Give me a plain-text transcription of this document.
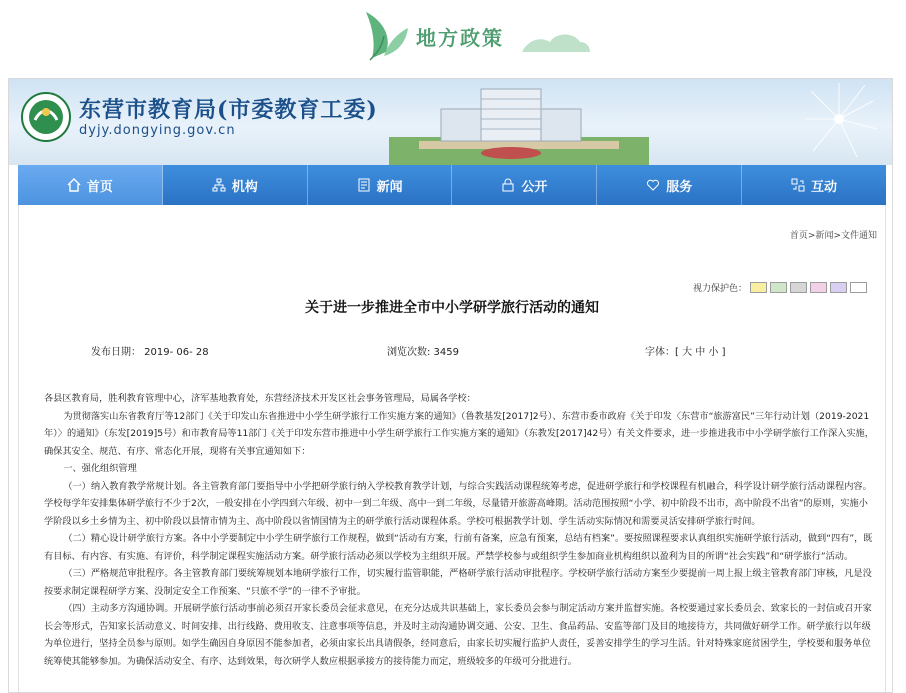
地方政策
东营市教育局(市委教育工委)
dyjy.dongying.gov.cn
首页	机构	新闻	公开	服务	互动
首页>新闻>文件通知
视力保护色：
关于进一步推进全市中小学研学旅行活动的通知
发布日期： 2019- 06- 28	浏览次数: 3459	字体：[ 大 中 小 ]

各县区教育局，胜利教育管理中心，济军基地教育处，东营经济技术开发区社会事务管理局，局属各学校：

为贯彻落实山东省教育厅等12部门《关于印发山东省推进中小学生研学旅行工作实施方案的通知》（鲁教基发[2017]2号）、东营市委市政府《关于印发〈东营市“旅游富民”三年行动计划（2019-2021年）〉的通知》（东发[2019]5号）和市教育局等11部门《关于印发东营市推进中小学生研学旅行工作实施方案的通知》（东教发[2017]42号）有关文件要求，进一步推进我市中小学研学旅行工作深入实施，确保其安全、规范、有序、常态化开展，现将有关事宜通知如下：

一、强化组织管理

（一）纳入教育教学常规计划。各主管教育部门要指导中小学把研学旅行纳入学校教育教学计划，与综合实践活动课程统筹考虑，促进研学旅行和学校课程有机融合，科学设计研学旅行活动课程内容。学校每学年安排集体研学旅行不少于2次，一般安排在小学四到六年级、初中一到二年级、高中一到二年级，尽量错开旅游高峰期。活动范围按照“小学、初中阶段不出市，高中阶段不出省”的原则，实施小学阶段以乡土乡情为主、初中阶段以县情市情为主、高中阶段以省情国情为主的研学旅行活动课程体系。学校可根据教学计划、学生活动实际情况和需要灵活安排研学旅行时间。

（二）精心设计研学旅行方案。各中小学要制定中小学生研学旅行工作规程，做到“活动有方案，行前有备案，应急有预案，总结有档案”。要按照课程要求认真组织实施研学旅行活动，做到“四有”，既有目标、有内容、有实施、有评价，科学制定课程实施活动方案。研学旅行活动必须以学校为主组织开展。严禁学校参与或组织学生参加商业机构组织以盈利为目的所谓“社会实践”和“研学旅行”活动。

（三）严格规范审批程序。各主管教育部门要统筹规划本地研学旅行工作，切实履行监管职能，严格研学旅行活动审批程序。学校研学旅行活动方案至少要提前一周上报上级主管教育部门审核，凡是没按要求制定课程研学方案、没制定安全工作预案、“只旅不学”的一律不予审批。

（四）主动多方沟通协调。开展研学旅行活动事前必须召开家长委员会征求意见，在充分达成共识基础上，家长委员会参与制定活动方案并监督实施。各校要通过家长委员会、致家长的一封信或召开家长会等形式，告知家长活动意义、时间安排、出行线路、费用收支、注意事项等信息，并及时主动沟通协调交通、公安、卫生、食品药品、安监等部门及目的地接待方，共同做好研学工作。研学旅行以年级为单位进行，坚持全员参与原则。如学生确因自身原因不能参加者，必须由家长出具请假条，经同意后，由家长切实履行监护人责任，妥善安排学生的学习生活。针对特殊家庭贫困学生，学校要和服务单位统筹使其能够参加。为确保活动安全、有序、达到效果，每次研学人数应根据承接方的接待能力而定，班级较多的年级可分批进行。
